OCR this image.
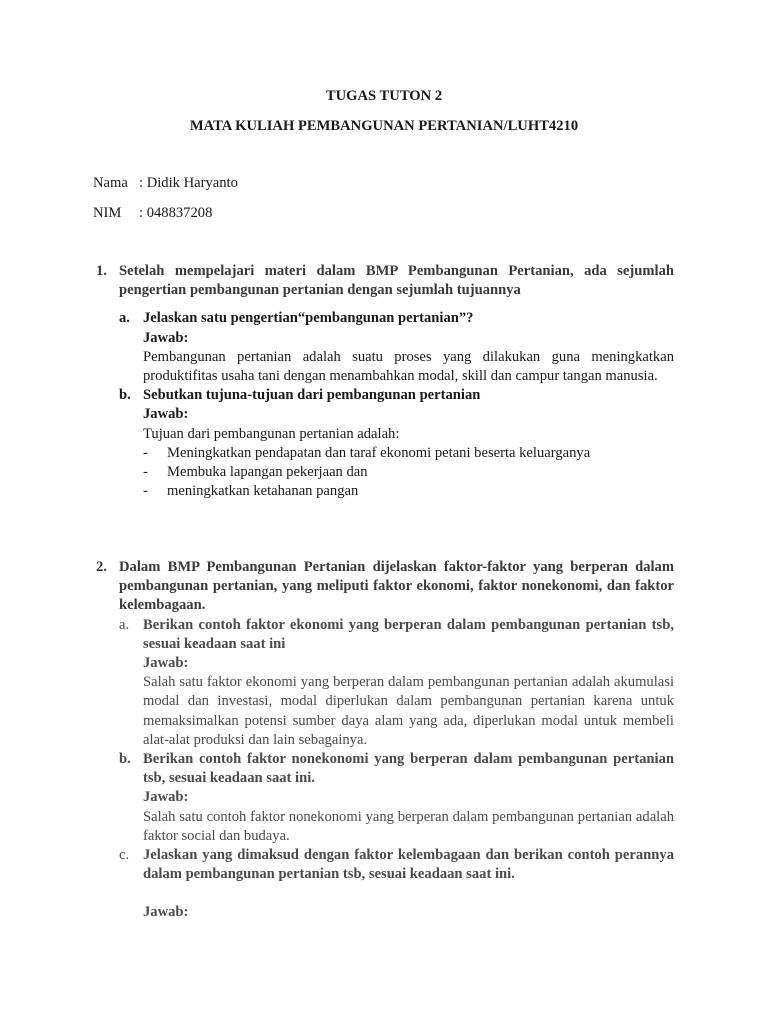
TUGAS TUTON 2
MATA KULIAH PEMBANGUNAN PERTANIAN/LUHT4210
Nama : Didik Haryanto
NIM : 048837208
1. Setelah mempelajari materi dalam BMP Pembangunan Pertanian, ada sejumlah pengertian pembangunan pertanian dengan sejumlah tujuannya

a. Jelaskan satu pengertian“pembangunan pertanian”?

Jawab:

Pembangunan pertanian adalah suatu proses yang dilakukan guna meningkatkan produktifitas usaha tani dengan menambahkan modal, skill dan campur tangan manusia.

b. Sebutkan tujuna-tujuan dari pembangunan pertanian

Jawab:

Tujuan dari pembangunan pertanian adalah:

- Meningkatkan pendapatan dan taraf ekonomi petani beserta keluarganya
- Membuka lapangan pekerjaan dan
- meningkatkan ketahanan pangan
2. Dalam BMP Pembangunan Pertanian dijelaskan faktor-faktor yang berperan dalam pembangunan pertanian, yang meliputi faktor ekonomi, faktor nonekonomi, dan faktor kelembagaan.

a. Berikan contoh faktor ekonomi yang berperan dalam pembangunan pertanian tsb, sesuai keadaan saat ini

Jawab:

Salah satu faktor ekonomi yang berperan dalam pembangunan pertanian adalah akumulasi modal dan investasi, modal diperlukan dalam pembangunan pertanian karena untuk memaksimalkan potensi sumber daya alam yang ada, diperlukan modal untuk membeli alat-alat produksi dan lain sebagainya.

b. Berikan contoh faktor nonekonomi yang berperan dalam pembangunan pertanian tsb, sesuai keadaan saat ini.

Jawab:

Salah satu contoh faktor nonekonomi yang berperan dalam pembangunan pertanian adalah faktor social dan budaya.

c. Jelaskan yang dimaksud dengan faktor kelembagaan dan berikan contoh perannya dalam pembangunan pertanian tsb, sesuai keadaan saat ini.

Jawab:
